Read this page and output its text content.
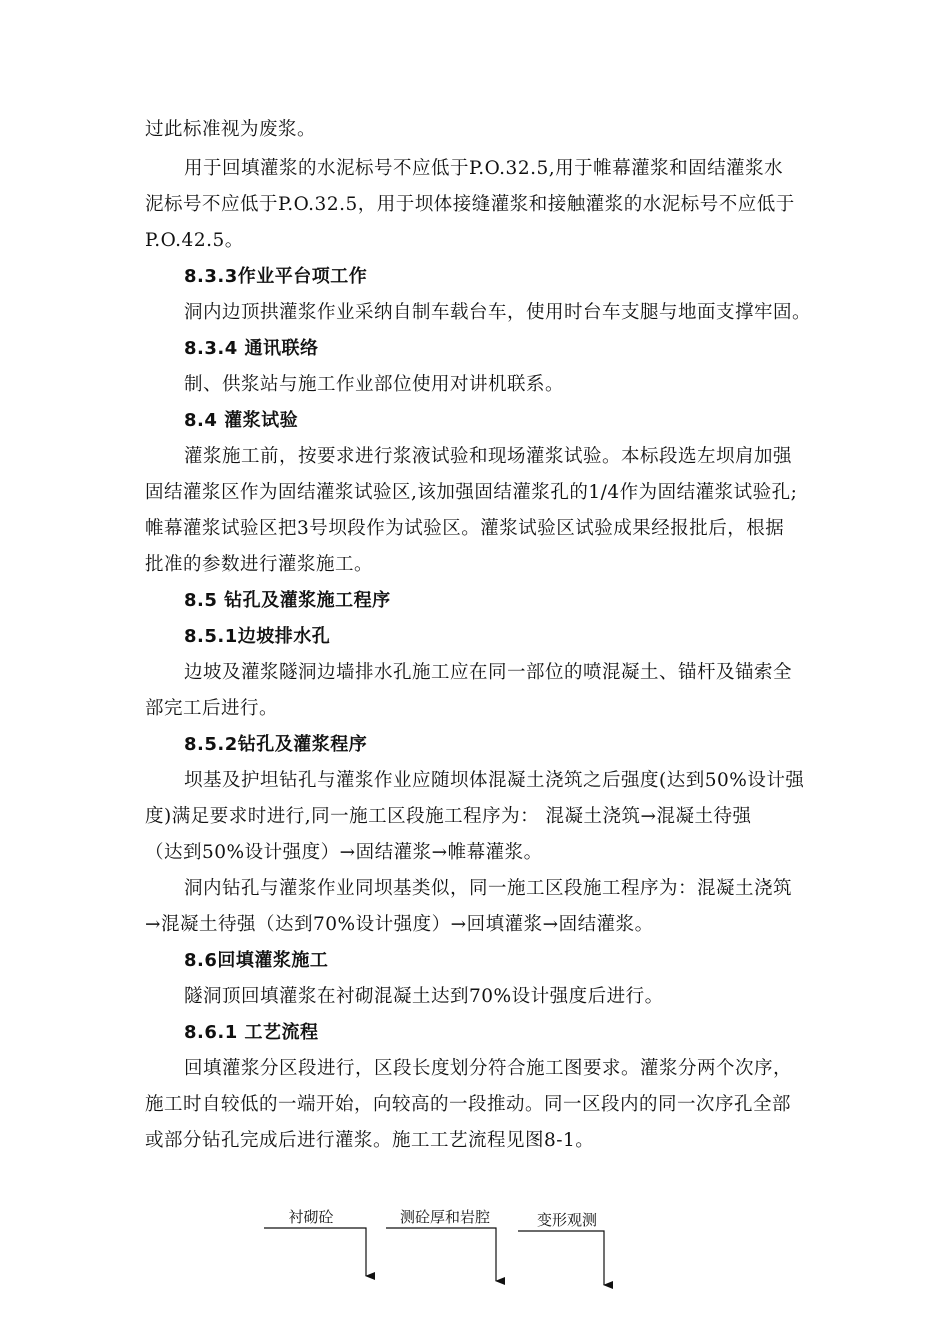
过此标准视为废浆。
用于回填灌浆的水泥标号不应低于P.O.32.5,用于帷幕灌浆和固结灌浆水
泥标号不应低于P.O.32.5，用于坝体接缝灌浆和接触灌浆的水泥标号不应低于
P.O.42.5。
8.3.3作业平台项工作
洞内边顶拱灌浆作业采纳自制车载台车，使用时台车支腿与地面支撑牢固。
8.3.4 通讯联络
制、供浆站与施工作业部位使用对讲机联系。
8.4 灌浆试验
灌浆施工前，按要求进行浆液试验和现场灌浆试验。本标段选左坝肩加强
固结灌浆区作为固结灌浆试验区,该加强固结灌浆孔的1/4作为固结灌浆试验孔;
帷幕灌浆试验区把3号坝段作为试验区。灌浆试验区试验成果经报批后，根据
批准的参数进行灌浆施工。
8.5 钻孔及灌浆施工程序
8.5.1边坡排水孔
边坡及灌浆隧洞边墙排水孔施工应在同一部位的喷混凝土、锚杆及锚索全
部完工后进行。
8.5.2钻孔及灌浆程序
坝基及护坦钻孔与灌浆作业应随坝体混凝土浇筑之后强度(达到50%设计强
度)满足要求时进行,同一施工区段施工程序为： 混凝土浇筑→混凝土待强
（达到50%设计强度）→固结灌浆→帷幕灌浆。
洞内钻孔与灌浆作业同坝基类似，同一施工区段施工程序为：混凝土浇筑
→混凝土待强（达到70%设计强度）→回填灌浆→固结灌浆。
8.6回填灌浆施工
隧洞顶回填灌浆在衬砌混凝土达到70%设计强度后进行。
8.6.1 工艺流程
回填灌浆分区段进行，区段长度划分符合施工图要求。灌浆分两个次序，
施工时自较低的一端开始，向较高的一段推动。同一区段内的同一次序孔全部
或部分钻孔完成后进行灌浆。施工工艺流程见图8-1。
衬砌砼	测砼厚和岩腔	变形观测
